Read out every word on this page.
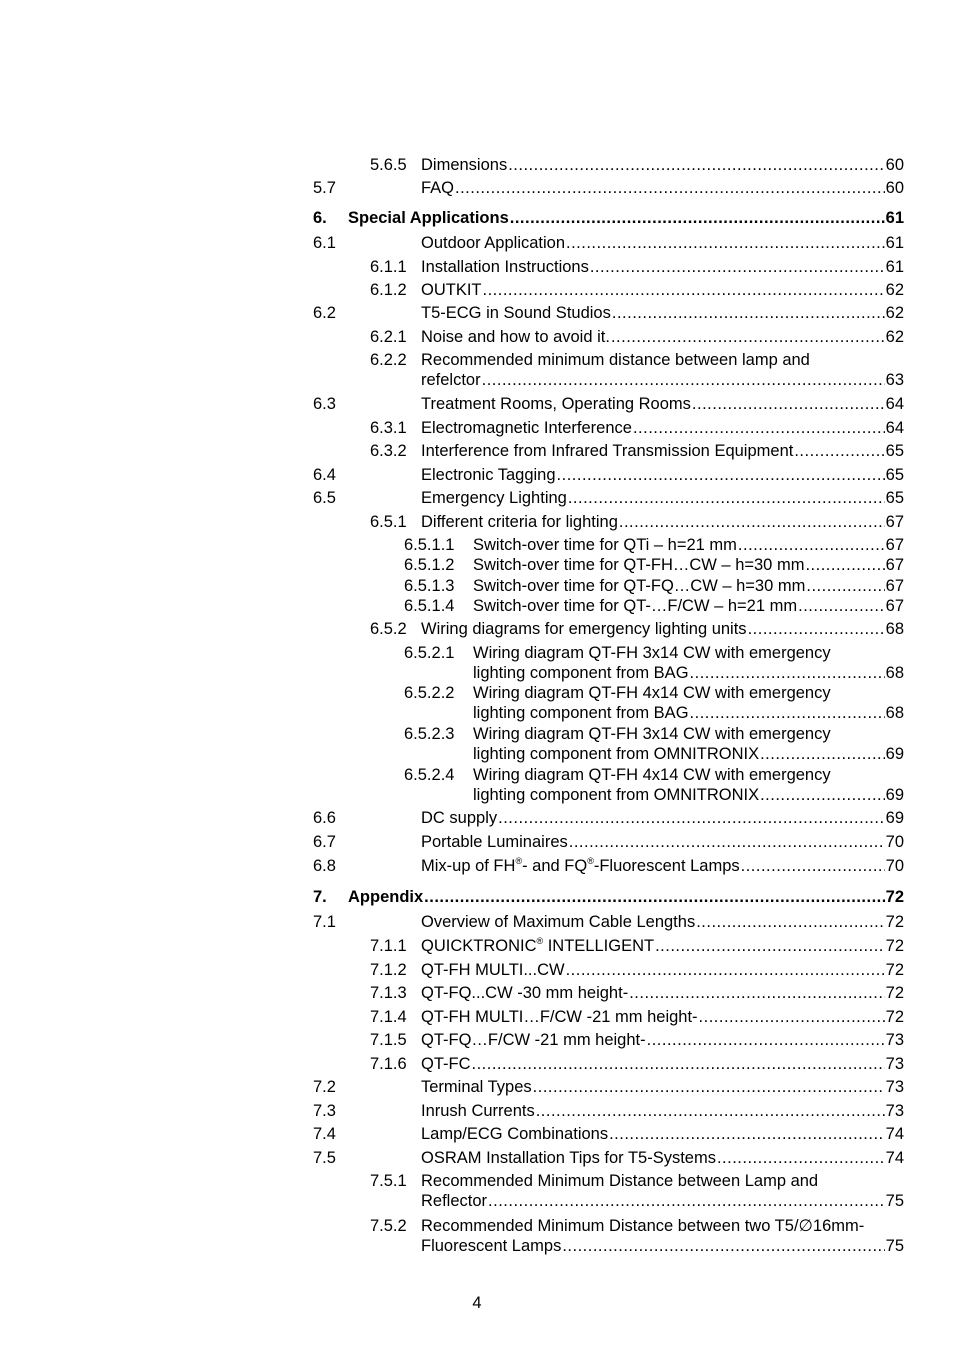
5.6.5 Dimensions .....	60
5.7	FAQ .....	60
6. Special Applications .....	61
6.1	Outdoor Application .....	61
6.1.1 Installation Instructions .....	61
6.1.2 OUTKIT .....	62
6.2	T5-ECG in Sound Studios .....	62
6.2.1 Noise and how to avoid it. .....	62
6.2.2 Recommended minimum distance between lamp and
refelctor .....	63
6.3	Treatment Rooms, Operating Rooms .....	64
6.3.1 Electromagnetic Interference .....	64
6.3.2 Interference from Infrared Transmission Equipment .....	65
6.4	Electronic Tagging .....	65
6.5	Emergency Lighting .....	65
6.5.1 Different criteria for lighting .....	67
6.5.1.1 Switch-over time for QTi – h=21 mm .....	67
6.5.1.2 Switch-over time for QT-FH…CW – h=30 mm .....	67
6.5.1.3 Switch-over time for QT-FQ…CW – h=30 mm .....	67
6.5.1.4 Switch-over time for QT-…F/CW – h=21 mm .....	67
6.5.2 Wiring diagrams for emergency lighting units .....	68
6.5.2.1 Wiring diagram QT-FH 3x14 CW with emergency
lighting component from BAG .....	68
6.5.2.2 Wiring diagram QT-FH 4x14 CW with emergency
lighting component from BAG .....	68
6.5.2.3 Wiring diagram QT-FH 3x14 CW with emergency
lighting component from OMNITRONIX .....	69
6.5.2.4 Wiring diagram QT-FH 4x14 CW with emergency
lighting component from OMNITRONIX .....	69
6.6	DC supply .....	69
6.7	Portable Luminaires .....	70
6.8	Mix-up of FH®- and FQ®-Fluorescent Lamps .....	70
7. Appendix .....	72
7.1	Overview of Maximum Cable Lengths .....	72
7.1.1 QUICKTRONIC® INTELLIGENT .....	72
7.1.2 QT-FH MULTI...CW .....	72
7.1.3 QT-FQ...CW -30 mm height- .....	72
7.1.4 QT-FH MULTI…F/CW -21 mm height- .....	72
7.1.5 QT-FQ…F/CW -21 mm height- .....	73
7.1.6 QT-FC .....	73
7.2	Terminal Types .....	73
7.3	Inrush Currents .....	73
7.4	Lamp/ECG Combinations .....	74
7.5	OSRAM Installation Tips for T5-Systems .....	74
7.5.1 Recommended Minimum Distance between Lamp and
Reflector .....	75
7.5.2 Recommended Minimum Distance between two T5/∅16mm-
Fluorescent Lamps .....	75
4
